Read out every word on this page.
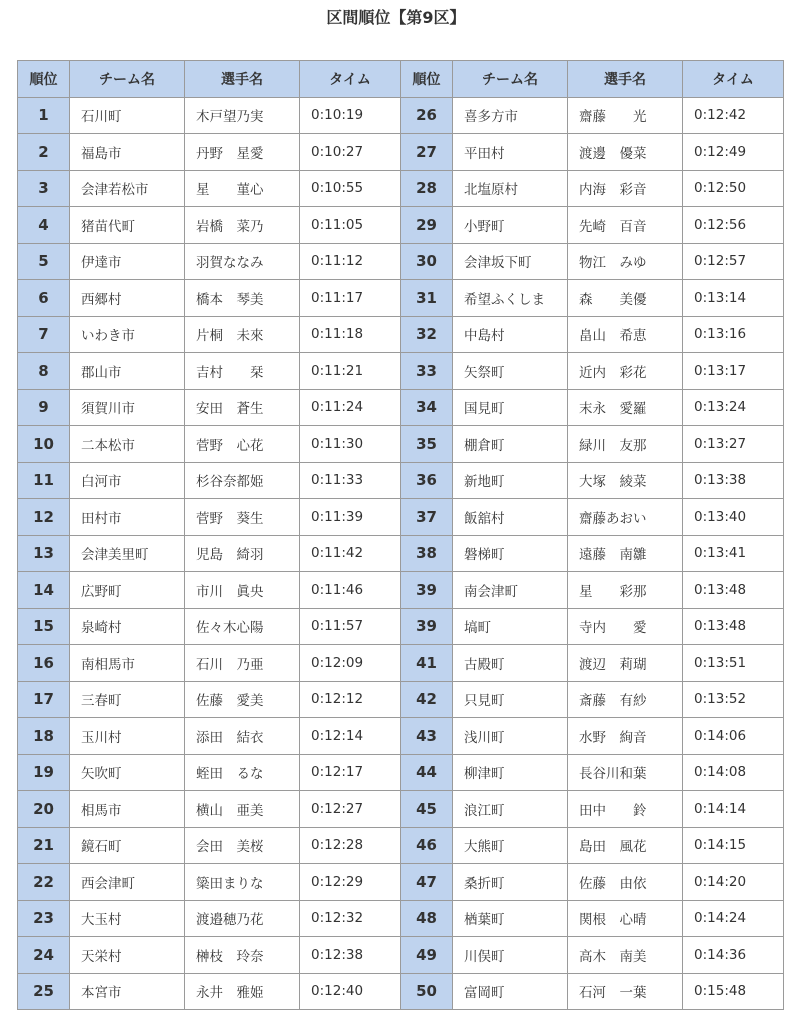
区間順位【第9区】
順位	チーム名	選手名	タイム	順位	チーム名	選手名	タイム
1	石川町	木戸望乃実	0:10:19	26	喜多方市	齋藤　　光	0:12:42
2	福島市	丹野　星愛	0:10:27	27	平田村	渡邊　優菜	0:12:49
3	会津若松市	星　　菫心	0:10:55	28	北塩原村	内海　彩音	0:12:50
4	猪苗代町	岩橋　菜乃	0:11:05	29	小野町	先崎　百音	0:12:56
5	伊達市	羽賀ななみ	0:11:12	30	会津坂下町	物江　みゆ	0:12:57
6	西郷村	橋本　琴美	0:11:17	31	希望ふくしま	森　　美優	0:13:14
7	いわき市	片桐　未來	0:11:18	32	中島村	畠山　希恵	0:13:16
8	郡山市	吉村　　栞	0:11:21	33	矢祭町	近内　彩花	0:13:17
9	須賀川市	安田　蒼生	0:11:24	34	国見町	末永　愛羅	0:13:24
10	二本松市	菅野　心花	0:11:30	35	棚倉町	緑川　友那	0:13:27
11	白河市	杉谷奈都姫	0:11:33	36	新地町	大塚　綾菜	0:13:38
12	田村市	菅野　葵生	0:11:39	37	飯舘村	齋藤あおい	0:13:40
13	会津美里町	児島　綺羽	0:11:42	38	磐梯町	遠藤　南雛	0:13:41
14	広野町	市川　眞央	0:11:46	39	南会津町	星　　彩那	0:13:48
15	泉崎村	佐々木心陽	0:11:57	39	塙町	寺内　　愛	0:13:48
16	南相馬市	石川　乃亜	0:12:09	41	古殿町	渡辺　莉瑚	0:13:51
17	三春町	佐藤　愛美	0:12:12	42	只見町	斎藤　有紗	0:13:52
18	玉川村	添田　結衣	0:12:14	43	浅川町	水野　絢音	0:14:06
19	矢吹町	蛭田　るな	0:12:17	44	柳津町	長谷川和葉	0:14:08
20	相馬市	横山　亜美	0:12:27	45	浪江町	田中　　鈴	0:14:14
21	鏡石町	会田　美桜	0:12:28	46	大熊町	島田　風花	0:14:15
22	西会津町	簗田まりな	0:12:29	47	桑折町	佐藤　由依	0:14:20
23	大玉村	渡邉穂乃花	0:12:32	48	楢葉町	関根　心晴	0:14:24
24	天栄村	榊枝　玲奈	0:12:38	49	川俣町	高木　南美	0:14:36
25	本宮市	永井　雅姫	0:12:40	50	富岡町	石河　一葉	0:15:48
